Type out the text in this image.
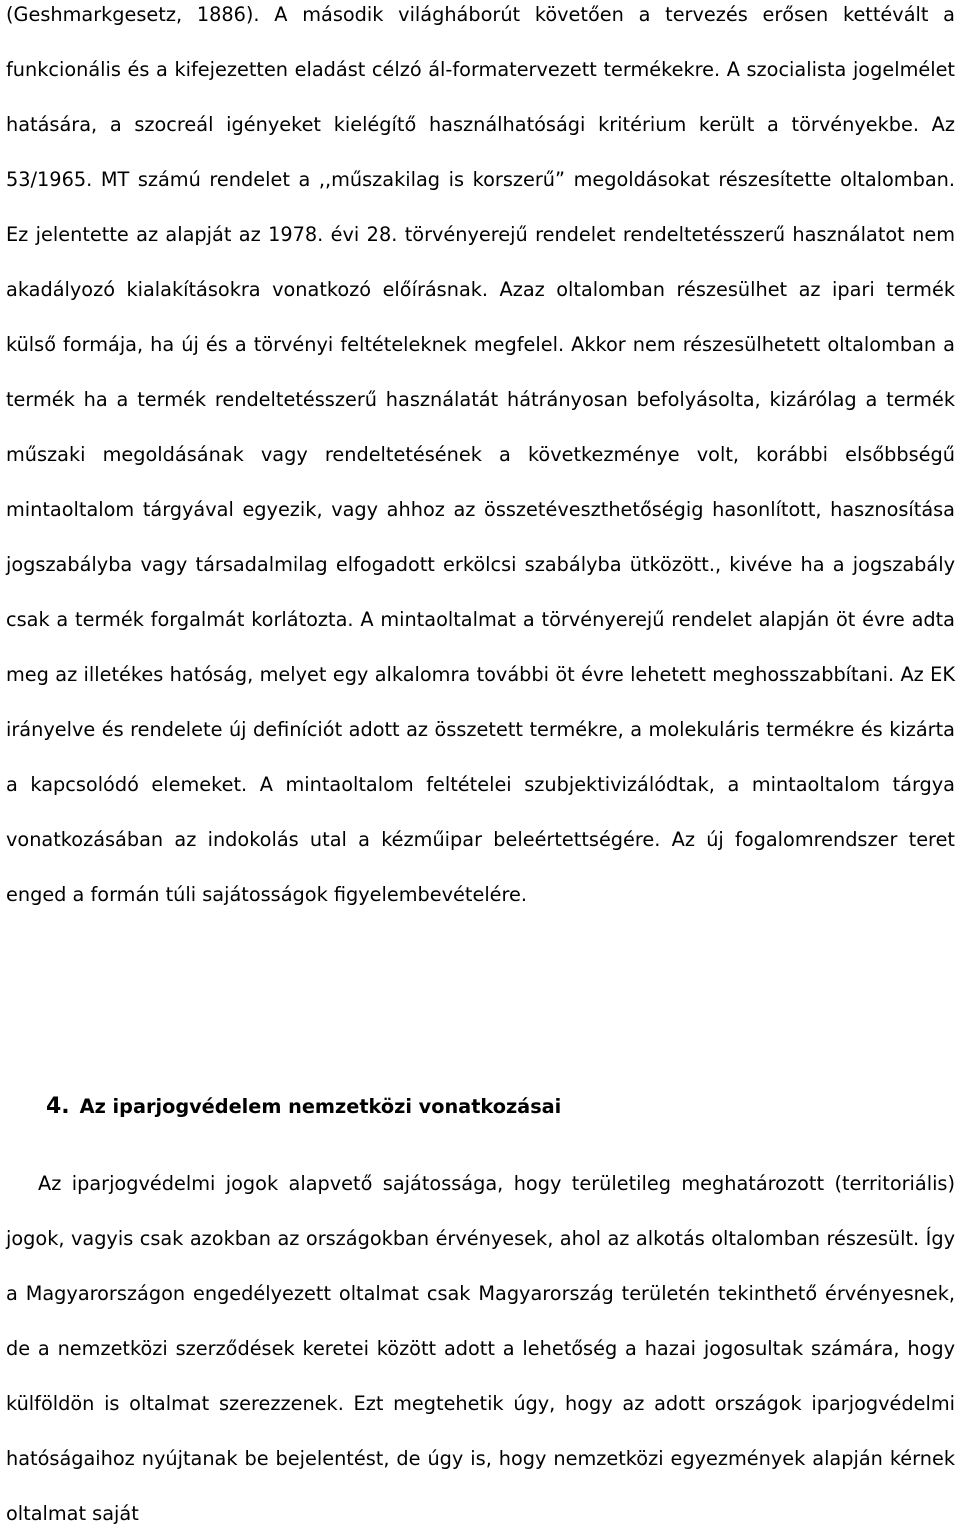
(Geshmarkgesetz, 1886). A második világháborút követően a tervezés erősen kettévált a funkcionális és a kifejezetten eladást célzó ál-formatervezett termékekre. A szocialista jogelmélet hatására, a szocreál igényeket kielégítő használhatósági kritérium került a törvényekbe. Az 53/1965. MT számú rendelet a ,,műszakilag is korszerű” megoldásokat részesítette oltalomban. Ez jelentette az alapját az 1978. évi 28. törvényerejű rendelet rendeltetésszerű használatot nem akadályozó kialakításokra vonatkozó előírásnak. Azaz oltalomban részesülhet az ipari termék külső formája, ha új és a törvényi feltételeknek megfelel. Akkor nem részesülhetett oltalomban a termék ha a termék rendeltetésszerű használatát hátrányosan befolyásolta, kizárólag a termék műszaki megoldásának vagy rendeltetésének a következménye volt, korábbi elsőbbségű mintaoltalom tárgyával egyezik, vagy ahhoz az összetéveszthetőségig hasonlított, hasznosítása jogszabályba vagy társadalmilag elfogadott erkölcsi szabályba ütközött., kivéve ha a jogszabály csak a termék forgalmát korlátozta. A mintaoltalmat a törvényerejű rendelet alapján öt évre adta meg az illetékes hatóság, melyet egy alkalomra további öt évre lehetett meghosszabbítani. Az EK irányelve és rendelete új definíciót adott az összetett termékre, a molekuláris termékre és kizárta a kapcsolódó elemeket. A mintaoltalom feltételei szubjektivizálódtak, a mintaoltalom tárgya vonatkozásában az indokolás utal a kézműipar beleértettségére. Az új fogalomrendszer teret enged a formán túli sajátosságok figyelembevételére.

4. Az iparjogvédelem nemzetközi vonatkozásai

Az iparjogvédelmi jogok alapvető sajátossága, hogy területileg meghatározott (territoriális) jogok, vagyis csak azokban az országokban érvényesek, ahol az alkotás oltalomban részesült. Így a Magyarországon engedélyezett oltalmat csak Magyarország területén tekinthető érvényesnek, de a nemzetközi szerződések keretei között adott a lehetőség a hazai jogosultak számára, hogy külföldön is oltalmat szerezzenek. Ezt megtehetik úgy, hogy az adott országok iparjogvédelmi hatóságaihoz nyújtanak be bejelentést, de úgy is, hogy nemzetközi egyezmények alapján kérnek oltalmat saját
